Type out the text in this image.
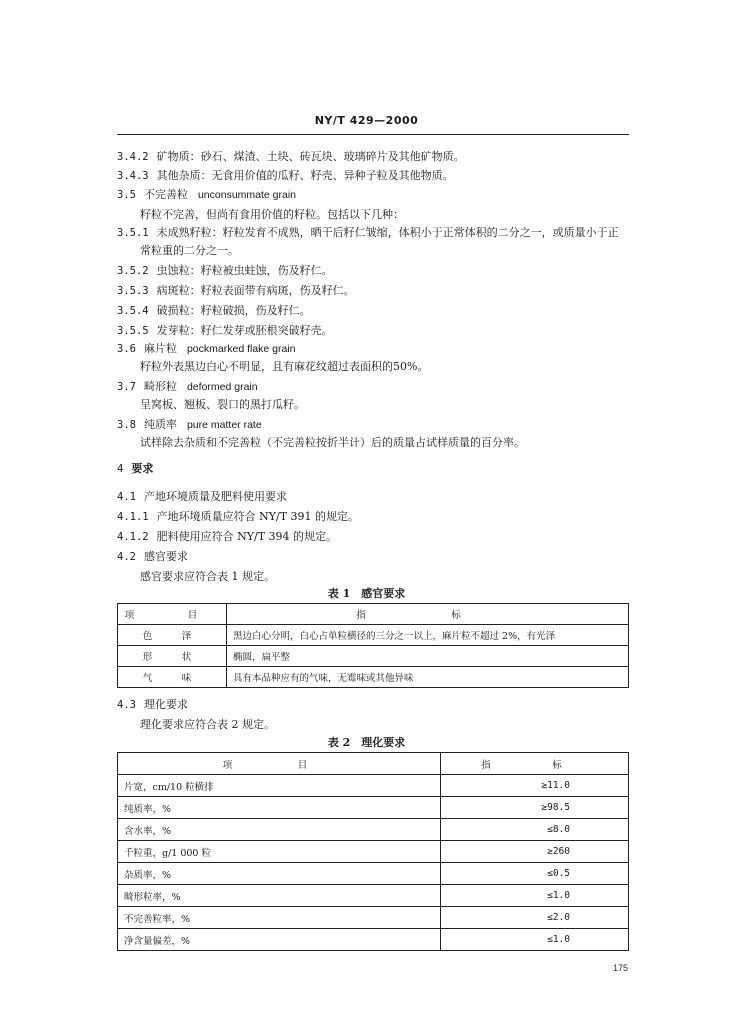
NY/T 429—2000
3.4.2 矿物质：砂石、煤渣、土块、砖瓦块、玻璃碎片及其他矿物质。
3.4.3 其他杂质：无食用价值的瓜籽、籽壳、异种子粒及其他物质。
3.5 不完善粒 unconsummate grain
籽粒不完善，但尚有食用价值的籽粒。包括以下几种：
3.5.1 未成熟籽粒：籽粒发育不成熟，晒干后籽仁皱缩，体积小于正常体积的二分之一，或质量小于正
常粒重的二分之一。
3.5.2 虫蚀粒：籽粒被虫蛀蚀，伤及籽仁。
3.5.3 病斑粒：籽粒表面带有病斑，伤及籽仁。
3.5.4 破损粒：籽粒破损，伤及籽仁。
3.5.5 发芽粒：籽仁发芽或胚根突破籽壳。
3.6 麻片粒 pockmarked flake grain
籽粒外表黑边白心不明显，且有麻花纹超过表面积的50%。
3.7 畸形粒 deformed grain
呈窝板、翘板、裂口的黑打瓜籽。
3.8 纯质率 pure matter rate
试样除去杂质和不完善粒（不完善粒按折半计）后的质量占试样质量的百分率。
4 要求
4.1 产地环境质量及肥料使用要求
4.1.1 产地环境质量应符合 NY/T 391 的规定。
4.1.2 肥料使用应符合 NY/T 394 的规定。
4.2 感官要求
感官要求应符合表 1 规定。
4.3 理化要求
理化要求应符合表 2 规定。
表 1　感官要求
项　目	指　标
色　泽	黑边白心分明，白心占单粒横径的三分之一以上，麻片粒不超过 2%，有光泽
形　状	椭圆，扁平整
气　味	具有本品种应有的气味，无霉味或其他异味
表 2　理化要求
项　目	指　标
片宽，cm/10 粒横排	≥11.0
纯质率，%	≥98.5
含水率，%	≤8.0
千粒重，g/1 000 粒	≥260
杂质率，%	≤0.5
畸形粒率，%	≤1.0
不完善粒率，%	≤2.0
净含量偏差，%	≤1.0
175
